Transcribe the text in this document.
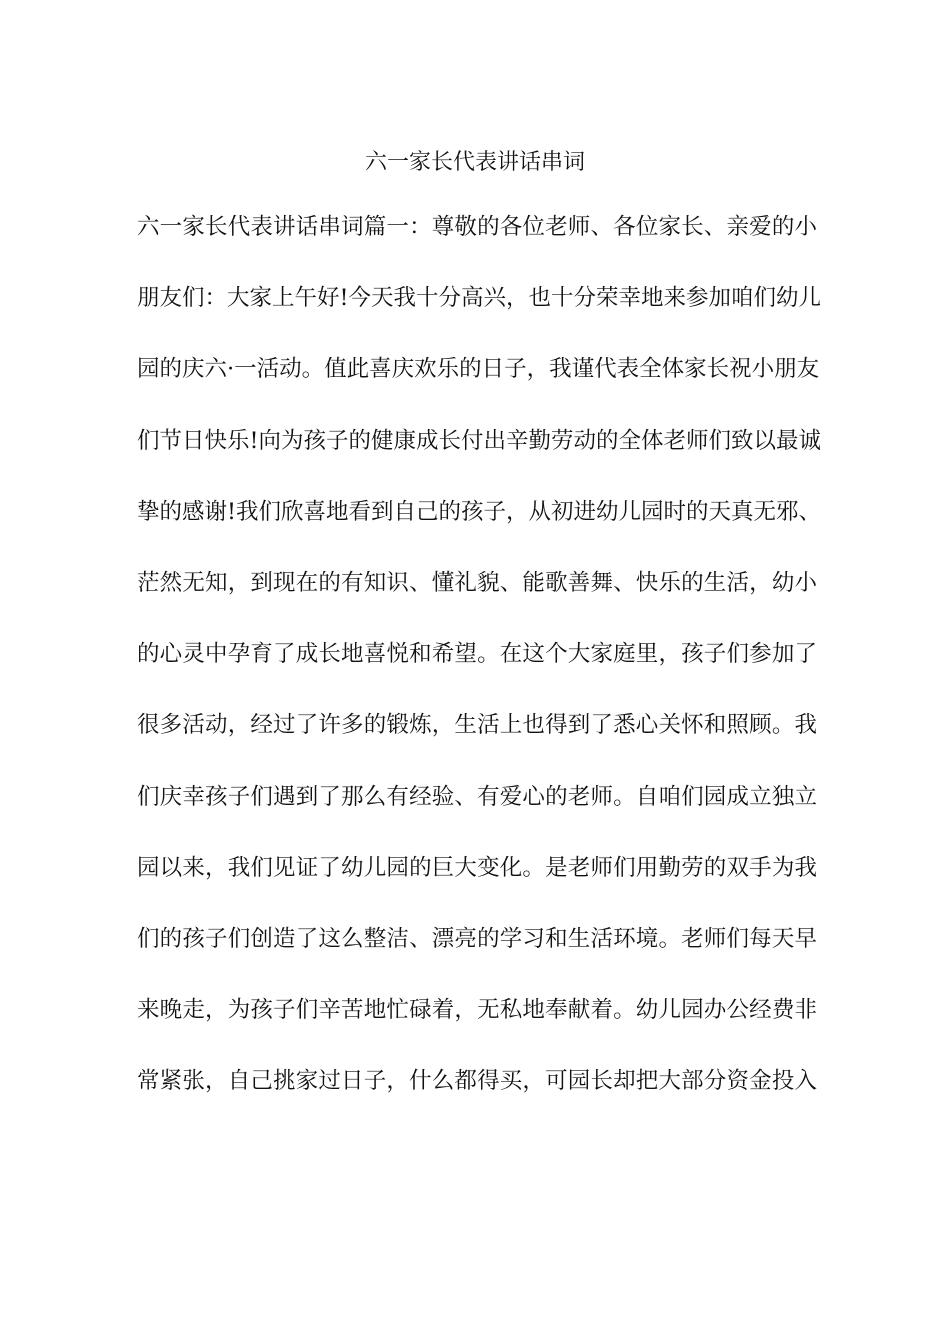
六一家长代表讲话串词
六一家长代表讲话串词篇一：尊敬的各位老师、各位家长、亲爱的小
朋友们：大家上午好!今天我十分高兴，也十分荣幸地来参加咱们幼儿
园的庆六·一活动。值此喜庆欢乐的日子，我谨代表全体家长祝小朋友
们节日快乐!向为孩子的健康成长付出辛勤劳动的全体老师们致以最诚
挚的感谢!我们欣喜地看到自己的孩子，从初进幼儿园时的天真无邪、
茫然无知，到现在的有知识、懂礼貌、能歌善舞、快乐的生活，幼小
的心灵中孕育了成长地喜悦和希望。在这个大家庭里，孩子们参加了
很多活动，经过了许多的锻炼，生活上也得到了悉心关怀和照顾。我
们庆幸孩子们遇到了那么有经验、有爱心的老师。自咱们园成立独立
园以来，我们见证了幼儿园的巨大变化。是老师们用勤劳的双手为我
们的孩子们创造了这么整洁、漂亮的学习和生活环境。老师们每天早
来晚走，为孩子们辛苦地忙碌着，无私地奉献着。幼儿园办公经费非
常紧张，自己挑家过日子，什么都得买，可园长却把大部分资金投入
